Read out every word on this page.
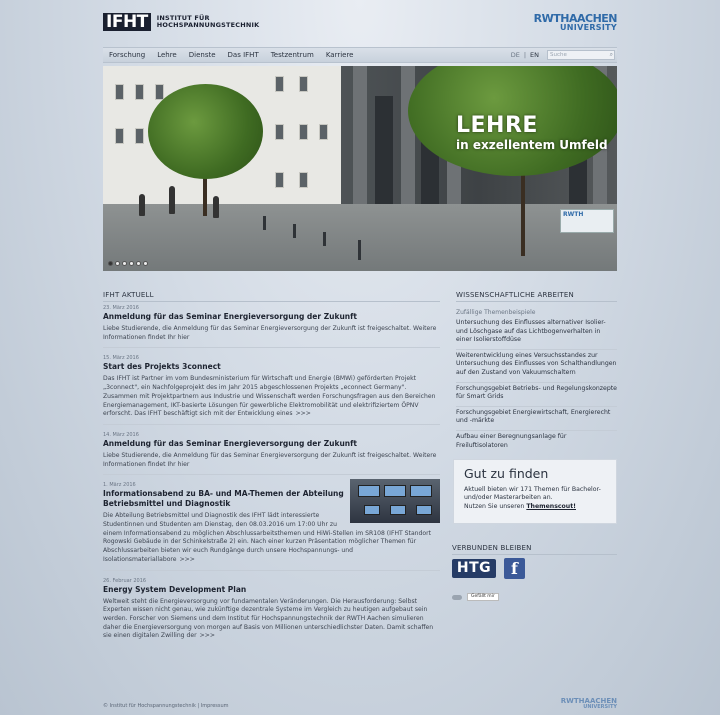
IFHT	INSTITUT FÜR
HOCHSPANNUNGSTECHNIK	RWTHAACHEN
UNIVERSITY
Forschung	Lehre	Dienste	Das IFHT	Testzentrum	Karriere	DE | EN	Suche	⌕
RWTH
LEHRE
in exzellentem Umfeld
IFHT AKTUELL
23. März 2016
Anmeldung für das Seminar Energieversorgung der Zukunft
Liebe Studierende, die Anmeldung für das Seminar Energieversorgung der Zukunft ist freigeschaltet. Weitere Informationen findet Ihr hier
15. März 2016
Start des Projekts 3connect
Das IFHT ist Partner im vom Bundesministerium für Wirtschaft und Energie (BMWi) geförderten Projekt „3connect", ein Nachfolgeprojekt des im Jahr 2015 abgeschlossenen Projekts „econnect Germany". Zusammen mit Projektpartnern aus Industrie und Wissenschaft werden Forschungsfragen aus den Bereichen Energiemanagement, IKT-basierte Lösungen für gewerbliche Elektromobilität und elektrifiziertem ÖPNV erforscht. Das IFHT beschäftigt sich mit der Entwicklung eines >>>
14. März 2016
Anmeldung für das Seminar Energieversorgung der Zukunft
Liebe Studierende, die Anmeldung für das Seminar Energieversorgung der Zukunft ist freigeschaltet. Weitere Informationen findet Ihr hier
1. März 2016
Informationsabend zu BA- und MA-Themen der Abteilung Betriebsmittel und Diagnostik
Die Abteilung Betriebsmittel und Diagnostik des IFHT lädt interessierte Studentinnen und Studenten am Dienstag, den 08.03.2016 um 17:00 Uhr zu einem Informationsabend zu möglichen Abschlussarbeitsthemen und HiWi-Stellen im SR108 (IFHT Standort Rogowski Gebäude in der Schinkelstraße 2) ein. Nach einer kurzen Präsentation möglicher Themen für Abschlussarbeiten bieten wir euch Rundgänge durch unsere Hochspannungs- und Isolationsmateriallabore >>>
26. Februar 2016
Energy System Development Plan
Weltweit steht die Energieversorgung vor fundamentalen Veränderungen. Die Herausforderung: Selbst Experten wissen nicht genau, wie zukünftige dezentrale Systeme im Vergleich zu heutigen aufgebaut sein werden. Forscher von Siemens und dem Institut für Hochspannungstechnik der RWTH Aachen simulieren daher die Energieversorgung von morgen auf Basis von Millionen unterschiedlichster Daten. Damit schaffen sie einen digitalen Zwilling der >>>
WISSENSCHAFTLICHE ARBEITEN
Zufällige Themenbeispiele
Untersuchung des Einflusses alternativer Isolier- und Löschgase auf das Lichtbogenverhalten in einer Isolierstoffdüse
Weiterentwicklung eines Versuchsstandes zur Untersuchung des Einflusses von Schalthandlungen auf den Zustand von Vakuumschaltern
Forschungsgebiet Betriebs- und Regelungskonzepte für Smart Grids
Forschungsgebiet Energiewirtschaft, Energierecht und -märkte
Aufbau einer Beregnungsanlage für Freiluftisolatoren
Gut zu finden
Aktuell bieten wir 171 Themen für Bachelor- und/oder Masterarbeiten an.
Nutzen Sie unseren Themenscout!
VERBUNDEN BLEIBEN
HTG	f
Gefällt mir
© Institut für Hochspannungstechnik | Impressum
RWTHAACHEN
UNIVERSITY
